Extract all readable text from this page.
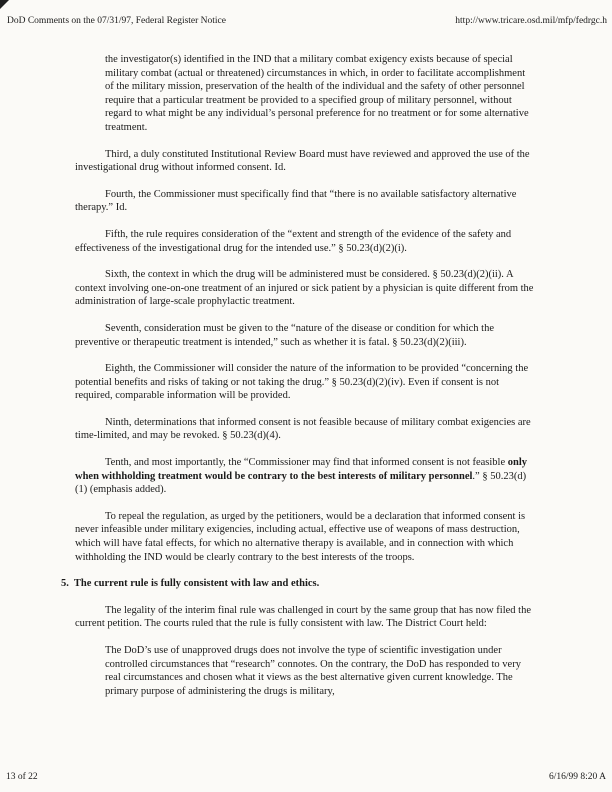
DoD Comments on the 07/31/97, Federal Register Notice	http://www.tricare.osd.mil/mfp/fedrgc.h

the investigator(s) identified in the IND that a military combat exigency exists because of special military combat (actual or threatened) circumstances in which, in order to facilitate accomplishment of the military mission, preservation of the health of the individual and the safety of other personnel require that a particular treatment be provided to a specified group of military personnel, without regard to what might be any individual’s personal preference for no treatment or for some alternative treatment.

Third, a duly constituted Institutional Review Board must have reviewed and approved the use of the investigational drug without informed consent. Id.

Fourth, the Commissioner must specifically find that “there is no available satisfactory alternative therapy.” Id.

Fifth, the rule requires consideration of the “extent and strength of the evidence of the safety and effectiveness of the investigational drug for the intended use.” § 50.23(d)(2)(i).

Sixth, the context in which the drug will be administered must be considered. § 50.23(d)(2)(ii). A context involving one-on-one treatment of an injured or sick patient by a physician is quite different from the administration of large-scale prophylactic treatment.

Seventh, consideration must be given to the “nature of the disease or condition for which the preventive or therapeutic treatment is intended,” such as whether it is fatal. § 50.23(d)(2)(iii).

Eighth, the Commissioner will consider the nature of the information to be provided “concerning the potential benefits and risks of taking or not taking the drug.” § 50.23(d)(2)(iv). Even if consent is not required, comparable information will be provided.

Ninth, determinations that informed consent is not feasible because of military combat exigencies are time-limited, and may be revoked. § 50.23(d)(4).

Tenth, and most importantly, the “Commissioner may find that informed consent is not feasible only when withholding treatment would be contrary to the best interests of military personnel.” § 50.23(d)(1) (emphasis added).

To repeal the regulation, as urged by the petitioners, would be a declaration that informed consent is never infeasible under military exigencies, including actual, effective use of weapons of mass destruction, which will have fatal effects, for which no alternative therapy is available, and in connection with which withholding the IND would be clearly contrary to the best interests of the troops.

5. The current rule is fully consistent with law and ethics.

The legality of the interim final rule was challenged in court by the same group that has now filed the current petition. The courts ruled that the rule is fully consistent with law. The District Court held:

The DoD’s use of unapproved drugs does not involve the type of scientific investigation under controlled circumstances that “research” connotes. On the contrary, the DoD has responded to very real circumstances and chosen what it views as the best alternative given current knowledge. The primary purpose of administering the drugs is military,

13 of 22	6/16/99 8:20 A
